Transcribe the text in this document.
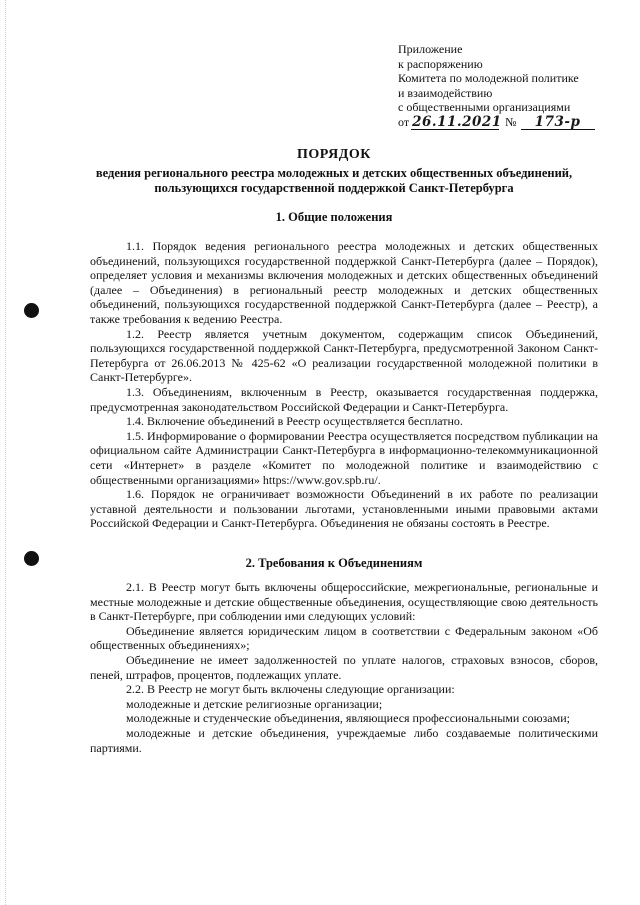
Приложение
к распоряжению
Комитета по молодежной политике
и взаимодействию
с общественными организациями
от 26.11.2021 №	173-р
ПОРЯДОК
ведения регионального реестра молодежных и детских общественных объединений, пользующихся государственной поддержкой Санкт-Петербурга
1. Общие положения

1.1. Порядок ведения регионального реестра молодежных и детских общественных объединений, пользующихся государственной поддержкой Санкт-Петербурга (далее – Порядок), определяет условия и механизмы включения молодежных и детских общественных объединений (далее – Объединения) в региональный реестр молодежных и детских общественных объединений, пользующихся государственной поддержкой Санкт-Петербурга (далее – Реестр), а также требования к ведению Реестра.

1.2. Реестр является учетным документом, содержащим список Объединений, пользующихся государственной поддержкой Санкт-Петербурга, предусмотренной Законом Санкт-Петербурга от 26.06.2013 № 425-62 «О реализации государственной молодежной политики в Санкт-Петербурге».

1.3. Объединениям, включенным в Реестр, оказывается государственная поддержка, предусмотренная законодательством Российской Федерации и Санкт-Петербурга.

1.4. Включение объединений в Реестр осуществляется бесплатно.

1.5. Информирование о формировании Реестра осуществляется посредством публикации на официальном сайте Администрации Санкт-Петербурга в информационно-телекоммуникационной сети «Интернет» в разделе «Комитет по молодежной политике и взаимодействию с общественными организациями» https://www.gov.spb.ru/.

1.6. Порядок не ограничивает возможности Объединений в их работе по реализации уставной деятельности и пользовании льготами, установленными иными правовыми актами Российской Федерации и Санкт-Петербурга. Объединения не обязаны состоять в Реестре.

2. Требования к Объединениям

2.1. В Реестр могут быть включены общероссийские, межрегиональные, региональные и местные молодежные и детские общественные объединения, осуществляющие свою деятельность в Санкт-Петербурге, при соблюдении ими следующих условий:

Объединение является юридическим лицом в соответствии с Федеральным законом «Об общественных объединениях»;

Объединение не имеет задолженностей по уплате налогов, страховых взносов, сборов, пеней, штрафов, процентов, подлежащих уплате.

2.2. В Реестр не могут быть включены следующие организации:

молодежные и детские религиозные организации;

молодежные и студенческие объединения, являющиеся профессиональными союзами;

молодежные и детские объединения, учреждаемые либо создаваемые политическими партиями.
